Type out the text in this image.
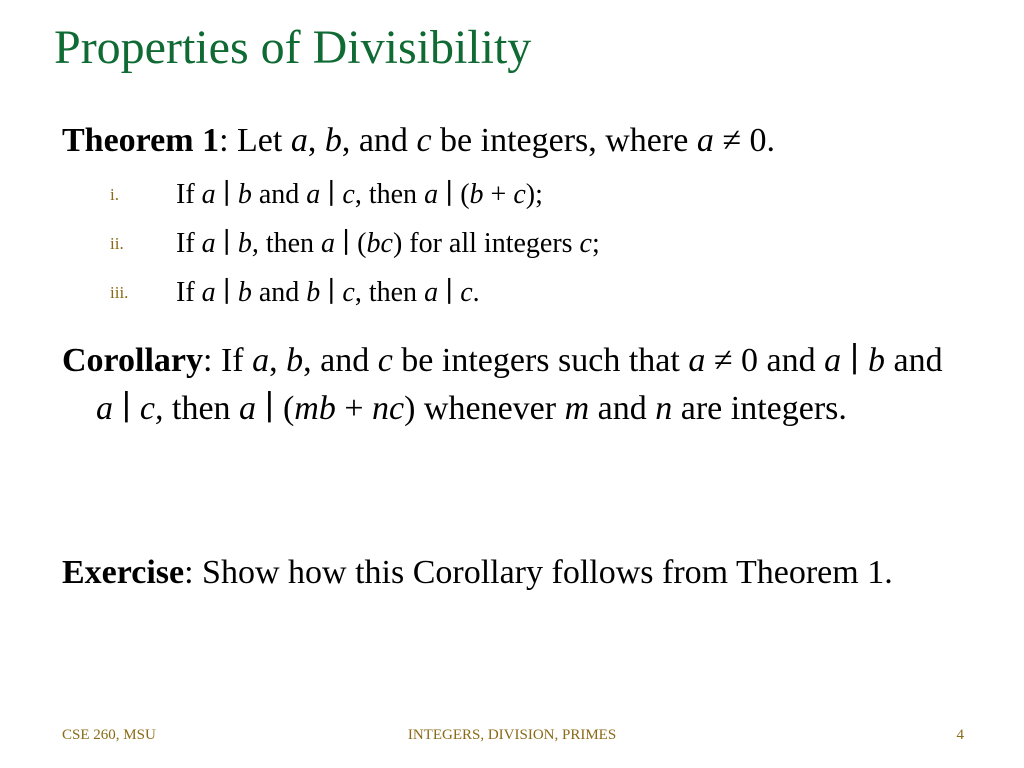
Properties of Divisibility
Theorem 1: Let a, b, and c be integers, where a ≠ 0.
i. If a ∣ b and a ∣ c, then a ∣ (b + c);
ii. If a ∣ b, then a ∣ (bc) for all integers c;
iii. If a ∣ b and b ∣ c, then a ∣ c.
Corollary: If a, b, and c be integers such that a ≠ 0 and a ∣ b and a ∣ c, then a ∣ (mb + nc) whenever m and n are integers.
Exercise: Show how this Corollary follows from Theorem 1.
CSE 260, MSU	INTEGERS, DIVISION, PRIMES	4
